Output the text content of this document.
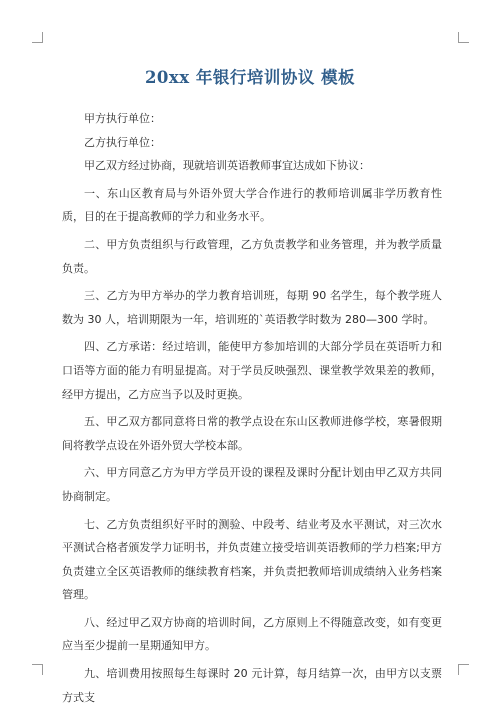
20xx 年银行培训协议 模板

甲方执行单位：

乙方执行单位：

甲乙双方经过协商，现就培训英语教师事宜达成如下协议：

一、东山区教育局与外语外贸大学合作进行的教师培训属非学历教育性质，目的在于提高教师的学力和业务水平。

二、甲方负责组织与行政管理，乙方负责教学和业务管理，并为教学质量负责。

三、乙方为甲方举办的学力教育培训班，每期 90 名学生，每个教学班人数为 30 人，培训期限为一年，培训班的`英语教学时数为 280—300 学时。

四、乙方承诺：经过培训，能使甲方参加培训的大部分学员在英语听力和口语等方面的能力有明显提高。对于学员反映强烈、课堂教学效果差的教师，经甲方提出，乙方应当予以及时更换。

五、甲乙双方都同意将日常的教学点设在东山区教师进修学校，寒暑假期间将教学点设在外语外贸大学校本部。

六、甲方同意乙方为甲方学员开设的课程及课时分配计划由甲乙双方共同协商制定。

七、乙方负责组织好平时的测验、中段考、结业考及水平测试，对三次水平测试合格者颁发学力证明书，并负责建立接受培训英语教师的学力档案;甲方负责建立全区英语教师的继续教育档案，并负责把教师培训成绩纳入业务档案管理。

八、经过甲乙双方协商的培训时间，乙方原则上不得随意改变，如有变更应当至少提前一星期通知甲方。

九、培训费用按照每生每课时 20 元计算，每月结算一次，由甲方以支票方式支
